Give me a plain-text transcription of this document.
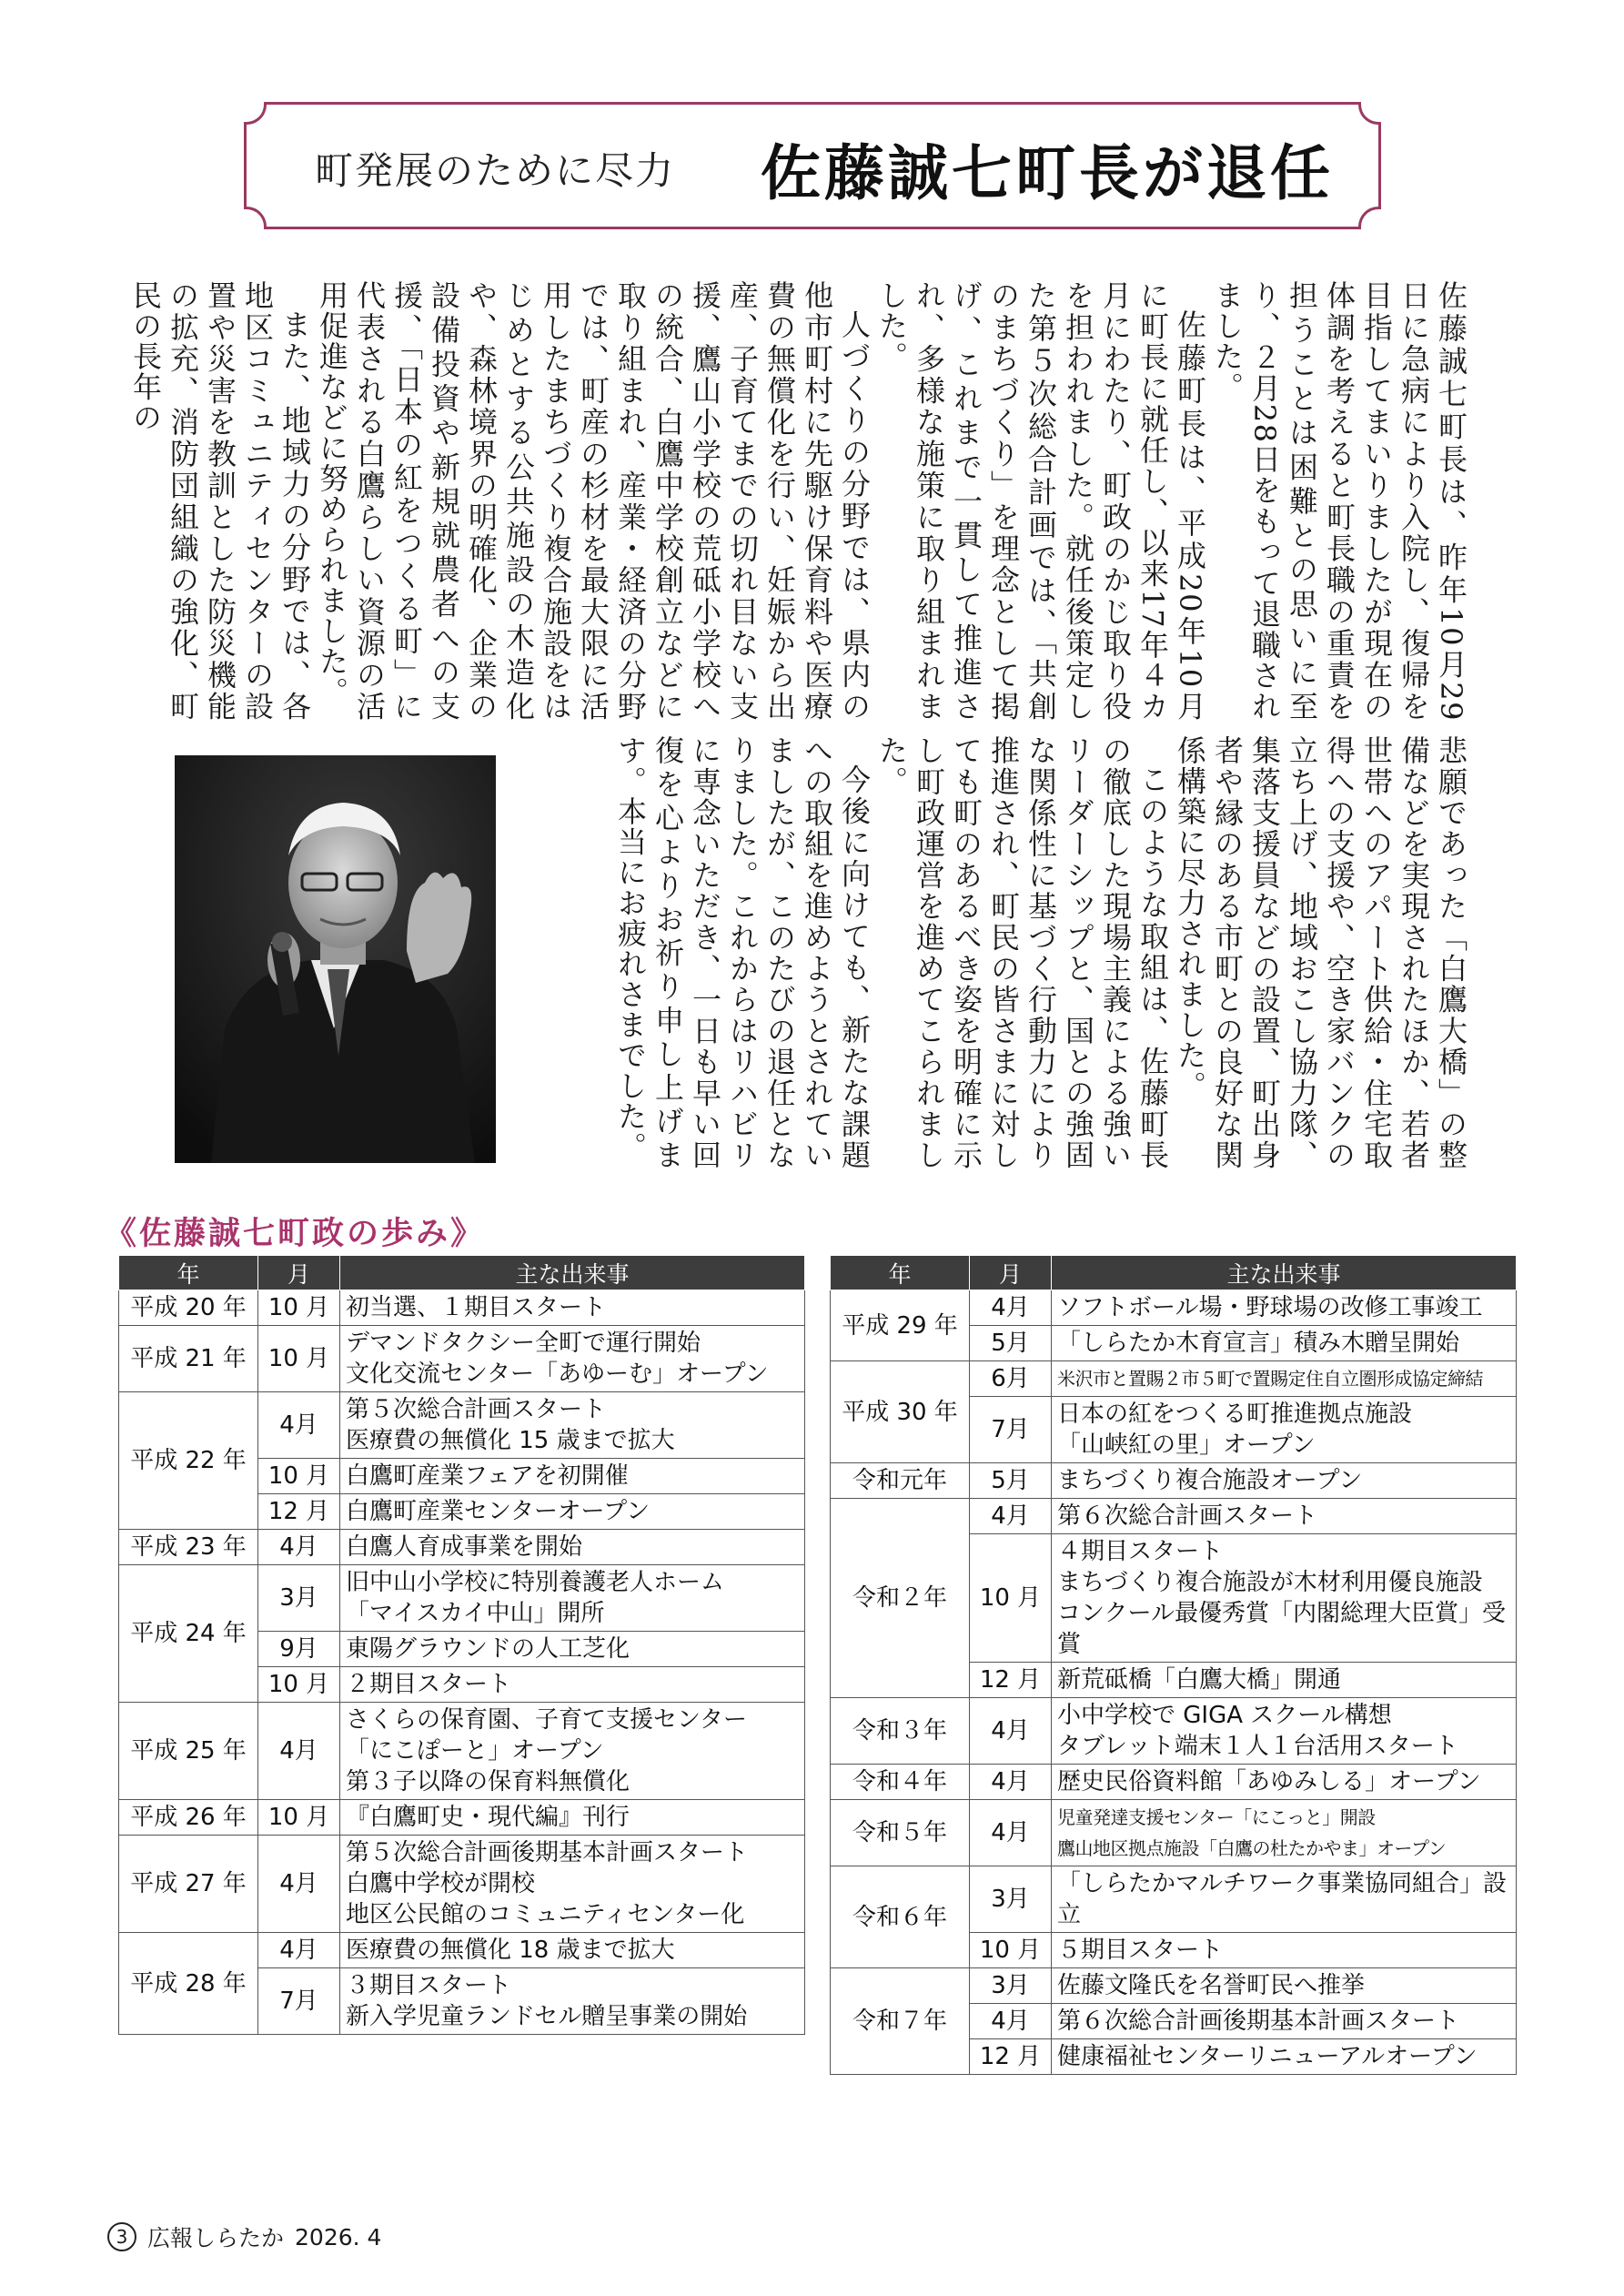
町発展のために尽力 佐藤誠七町長が退任

佐藤誠七町長は、昨年10月29日に急病により入院し、復帰を目指してまいりましたが現在の体調を考えると町長職の重責を担うことは困難との思いに至り、２月28日をもって退職されました。

佐藤町長は、平成20年10月に町長に就任し、以来17年４カ月にわたり、町政のかじ取り役を担われました。就任後策定した第５次総合計画では、「共創のまちづくり」を理念として掲げ、これまで一貫して推進され、多様な施策に取り組まれました。

人づくりの分野では、県内の他市町村に先駆け保育料や医療費の無償化を行い、妊娠から出産、子育てまでの切れ目ない支援、鷹山小学校の荒砥小学校への統合、白鷹中学校創立などに取り組まれ、産業・経済の分野では、町産の杉材を最大限に活用したまちづくり複合施設をはじめとする公共施設の木造化や、森林境界の明確化、企業の設備投資や新規就農者への支援、「日本の紅をつくる町」に代表される白鷹らしい資源の活用促進などに努められました。

また、地域力の分野では、各地区コミュニティセンターの設置や災害を教訓とした防災機能の拡充、消防団組織の強化、町民の長年の

悲願であった「白鷹大橋」の整備などを実現されたほか、若者世帯へのアパート供給・住宅取得への支援や、空き家バンクの立ち上げ、地域おこし協力隊、集落支援員などの設置、町出身者や縁のある市町との良好な関係構築に尽力されました。

このような取組は、佐藤町長の徹底した現場主義による強いリーダーシップと、国との強固な関係性に基づく行動力により推進され、町民の皆さまに対しても町のあるべき姿を明確に示し町政運営を進めてこられました。

今後に向けても、新たな課題への取組を進めようとされていましたが、このたびの退任となりました。これからはリハビリに専念いただき、一日も早い回復を心よりお祈り申し上げます。本当にお疲れさまでした。

《佐藤誠七町政の歩み》
年	月	主な出来事
平成 20 年	10 月	初当選、１期目スタート
平成 21 年	10 月	デマンドタクシー全町で運行開始
文化交流センター「あゆーむ」オープン
平成 22 年	4月	第５次総合計画スタート
医療費の無償化 15 歳まで拡大
	10 月	白鷹町産業フェアを初開催
	12 月	白鷹町産業センターオープン
平成 23 年	4月	白鷹人育成事業を開始
平成 24 年	3月	旧中山小学校に特別養護老人ホーム
「マイスカイ中山」開所
	9月	東陽グラウンドの人工芝化
	10 月	２期目スタート
平成 25 年	4月	さくらの保育園、子育て支援センター
「にこぽーと」オープン
第３子以降の保育料無償化
平成 26 年	10 月	『白鷹町史・現代編』刊行
平成 27 年	4月	第５次総合計画後期基本計画スタート
白鷹中学校が開校
地区公民館のコミュニティセンター化
平成 28 年	4月	医療費の無償化 18 歳まで拡大
	7月	３期目スタート
新入学児童ランドセル贈呈事業の開始
年	月	主な出来事
平成 29 年	4月	ソフトボール場・野球場の改修工事竣工
	5月	「しらたか木育宣言」積み木贈呈開始
平成 30 年	6月	米沢市と置賜２市５町で置賜定住自立圏形成協定締結
	7月	日本の紅をつくる町推進拠点施設
「山峡紅の里」オープン
令和元年	5月	まちづくり複合施設オープン
令和２年	4月	第６次総合計画スタート
	10 月	４期目スタート
まちづくり複合施設が木材利用優良施設
コンクール最優秀賞「内閣総理大臣賞」受賞
	12 月	新荒砥橋「白鷹大橋」開通
令和３年	4月	小中学校で GIGA スクール構想
タブレット端末１人１台活用スタート
令和４年	4月	歴史民俗資料館「あゆみしる」オープン
令和５年	4月	児童発達支援センター「にこっと」開設
鷹山地区拠点施設「白鷹の杜たかやま」オープン
令和６年	3月	「しらたかマルチワーク事業協同組合」設立
	10 月	５期目スタート
令和７年	3月	佐藤文隆氏を名誉町民へ推挙
	4月	第６次総合計画後期基本計画スタート
	12 月	健康福祉センターリニューアルオープン
3 広報しらたか 2026. 4
